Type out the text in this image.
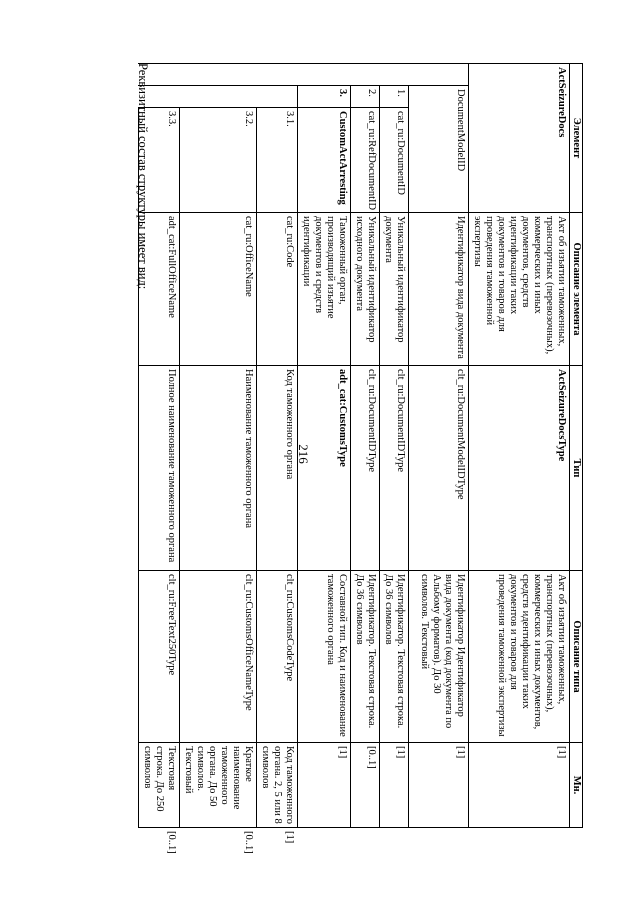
216
Реквизитный состав структуры имеет вид:	Элемент			Описание элемента	Тип	Описание типа	Мн.	
ActSeizureDocs			Акт об изъятии таможенных, транспортных (перевозочных), коммерческих и иных документов, средств идентификации таких документов и товаров для проведения таможенной экспертизы	ActSeizureDocsType	Акт об изъятии таможенных, транспортных (перевозочных), коммерческих и иных документов, средств идентификации таких документов и товаров для проведения таможенной экспертизы	[1]	
	DocumentModelID		Идентификатор вида документа	clt_ru:DocumentModelIDType	Идентификатор Идентификатор вида документа (код документа по Альбому форматов). До 30 символов. Текстовый	[1]	
	1.	cat_ru:DocumentID	Уникальный идентификатор документа	clt_ru:DocumentIDType	Идентификатор. Текстовая строка. До 36 символов	[1]	
	2.	cat_ru:RefDocumentID	Уникальный идентификатор исходного документа	clt_ru:DocumentIDType	Идентификатор. Текстовая строка. До 36 символов	[0..1]	
	3.	CustomActArresting	Таможенный орган, производящий изъятие документов и средств идентификации	adt_cat:CustomsType	Составной тип. Код и наименование таможенного органа	[1]	
		3.1.	cat_ru:Code	Код таможенного органа	clt_ru:CustomsCodeType	Код таможенного органа. 2, 5 или 8 символов	[1]
		3.2.	cat_ru:OfficeName	Наименование таможенного органа	clt_ru:CustomsOfficeNameType	Краткое наименование таможенного органа. До 50 символов. Текстовый	[0..1]
		3.3.	adt_cat:FullOfficeName	Полное наименование таможенного органа	clt_ru:FreeText250Type	Текстовая строка. До 250 символов	[0..1]
